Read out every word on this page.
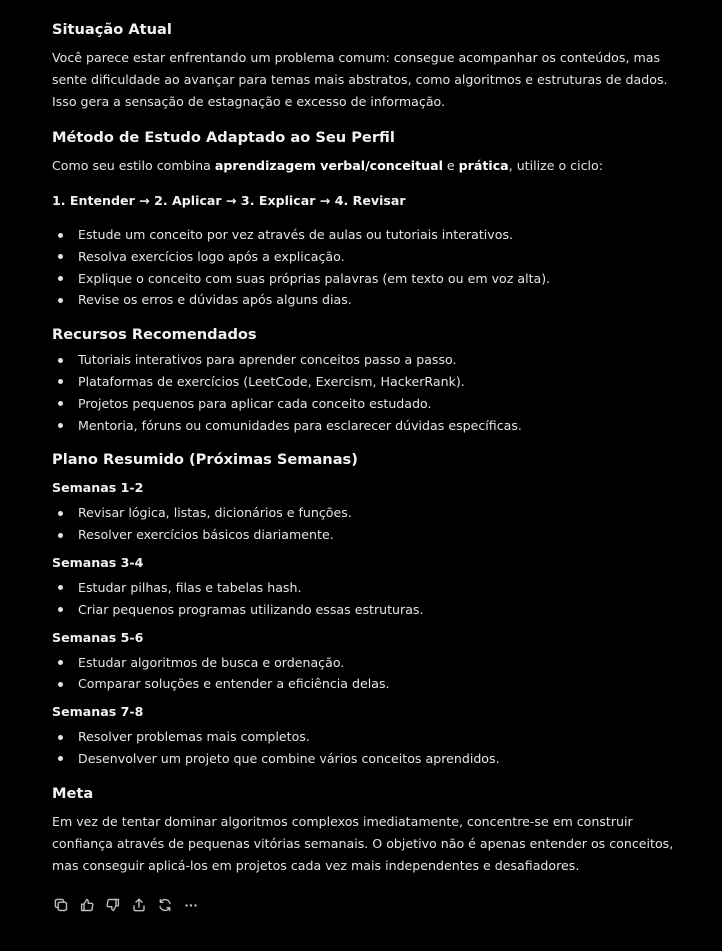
Situação Atual

Você parece estar enfrentando um problema comum: consegue acompanhar os conteúdos, mas sente dificuldade ao avançar para temas mais abstratos, como algoritmos e estruturas de dados. Isso gera a sensação de estagnação e excesso de informação.

Método de Estudo Adaptado ao Seu Perfil

Como seu estilo combina aprendizagem verbal/conceitual e prática, utilize o ciclo:

1. Entender → 2. Aplicar → 3. Explicar → 4. Revisar

Estude um conceito por vez através de aulas ou tutoriais interativos.
Resolva exercícios logo após a explicação.
Explique o conceito com suas próprias palavras (em texto ou em voz alta).
Revise os erros e dúvidas após alguns dias.
Recursos Recomendados
Tutoriais interativos para aprender conceitos passo a passo.
Plataformas de exercícios (LeetCode, Exercism, HackerRank).
Projetos pequenos para aplicar cada conceito estudado.
Mentoria, fóruns ou comunidades para esclarecer dúvidas específicas.
Plano Resumido (Próximas Semanas)
Semanas 1-2
Revisar lógica, listas, dicionários e funções.
Resolver exercícios básicos diariamente.
Semanas 3-4
Estudar pilhas, filas e tabelas hash.
Criar pequenos programas utilizando essas estruturas.
Semanas 5-6
Estudar algoritmos de busca e ordenação.
Comparar soluções e entender a eficiência delas.
Semanas 7-8
Resolver problemas mais completos.
Desenvolver um projeto que combine vários conceitos aprendidos.
Meta

Em vez de tentar dominar algoritmos complexos imediatamente, concentre-se em construir confiança através de pequenas vitórias semanais. O objetivo não é apenas entender os conceitos, mas conseguir aplicá-los em projetos cada vez mais independentes e desafiadores.
